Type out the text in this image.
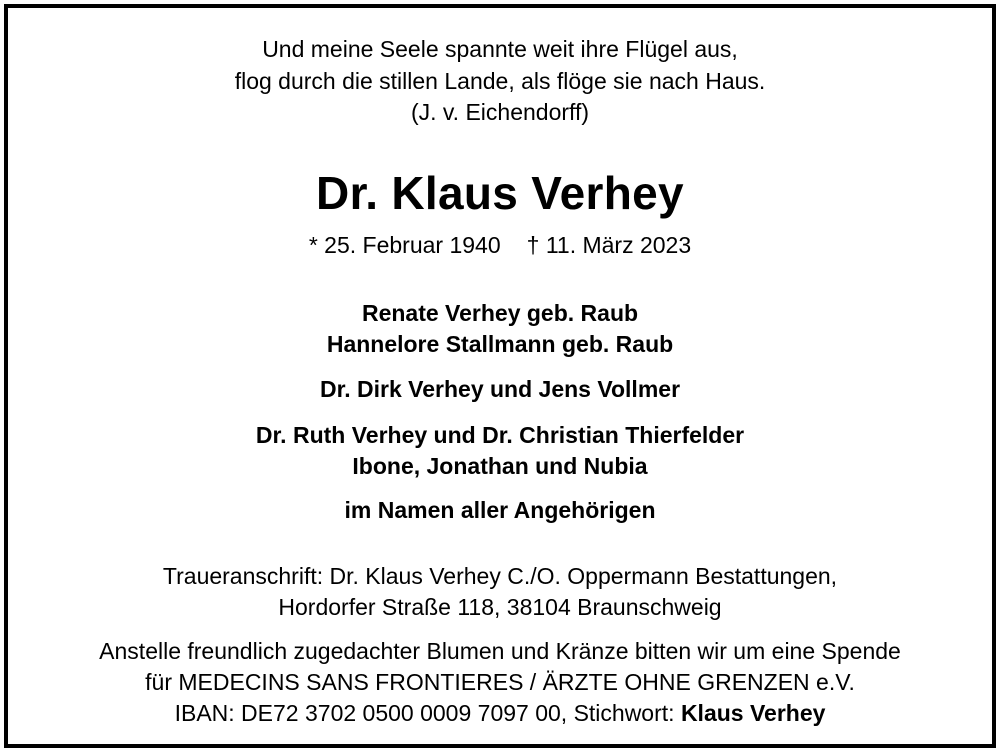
Und meine Seele spannte weit ihre Flügel aus,
flog durch die stillen Lande, als flöge sie nach Haus.
(J. v. Eichendorff)
Dr. Klaus Verhey
* 25. Februar 1940 † 11. März 2023
Renate Verhey geb. Raub
Hannelore Stallmann geb. Raub
Dr. Dirk Verhey und Jens Vollmer
Dr. Ruth Verhey und Dr. Christian Thierfelder
Ibone, Jonathan und Nubia
im Namen aller Angehörigen
Traueranschrift: Dr. Klaus Verhey C./O. Oppermann Bestattungen,
Hordorfer Straße 118, 38104 Braunschweig
Anstelle freundlich zugedachter Blumen und Kränze bitten wir um eine Spende
für MEDECINS SANS FRONTIERES / ÄRZTE OHNE GRENZEN e.V.
IBAN: DE72 3702 0500 0009 7097 00, Stichwort: Klaus Verhey
